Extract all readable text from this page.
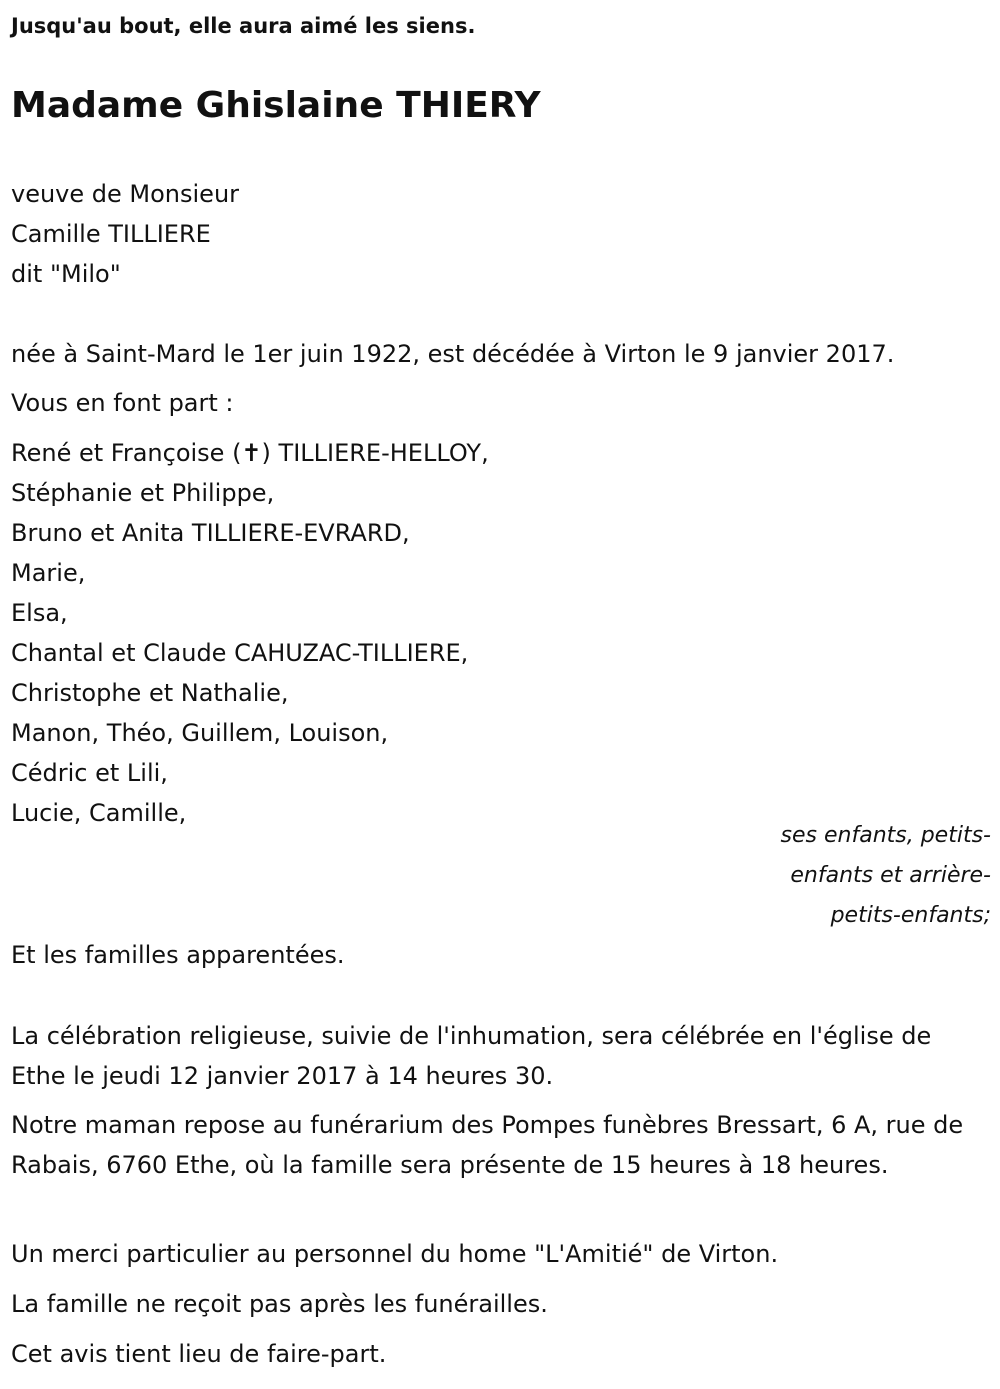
Jusqu'au bout, elle aura aimé les siens.
Madame Ghislaine THIERY
veuve de Monsieur
Camille TILLIERE
dit "Milo"
née à Saint-Mard le 1er juin 1922, est décédée à Virton le 9 janvier 2017.
Vous en font part :
René et Françoise (✝) TILLIERE-HELLOY,
Stéphanie et Philippe,
Bruno et Anita TILLIERE-EVRARD,
Marie,
Elsa,
Chantal et Claude CAHUZAC-TILLIERE,
Christophe et Nathalie,
Manon, Théo, Guillem, Louison,
Cédric et Lili,
Lucie, Camille,
ses enfants, petits-
enfants et arrière-
petits-enfants;
Et les familles apparentées.
La célébration religieuse, suivie de l'inhumation, sera célébrée en l'église de Ethe le jeudi 12 janvier 2017 à 14 heures 30.
Notre maman repose au funérarium des Pompes funèbres Bressart, 6 A, rue de Rabais, 6760 Ethe, où la famille sera présente de 15 heures à 18 heures.
Un merci particulier au personnel du home "L'Amitié" de Virton.
La famille ne reçoit pas après les funérailles.
Cet avis tient lieu de faire-part.
